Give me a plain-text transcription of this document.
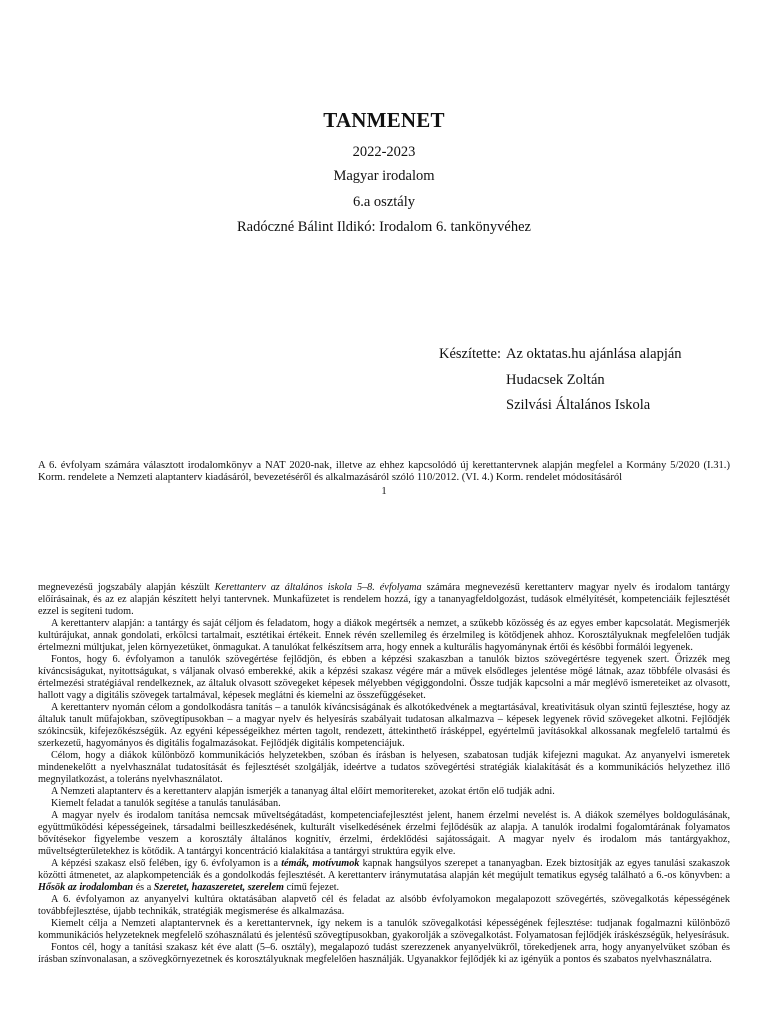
TANMENET
2022-2023
Magyar irodalom
6.a osztály
Radóczné Bálint Ildikó: Irodalom 6. tankönyvéhez
Készítette: Az oktatas.hu ajánlása alapján
Hudacsek Zoltán
Szilvási Általános Iskola
A 6. évfolyam számára választott irodalomkönyv a NAT 2020-nak, illetve az ehhez kapcsolódó új kerettantervnek alapján megfelel a Kormány 5/2020 (I.31.) Korm. rendelete a Nemzeti alaptanterv kiadásáról, bevezetéséről és alkalmazásáról szóló 110/2012. (VI. 4.) Korm. rendelet módosításáról
1

megnevezésű jogszabály alapján készült Kerettanterv az általános iskola 5–8. évfolyama számára megnevezésű kerettanterv magyar nyelv és irodalom tantárgy előírásainak, és az ez alapján készített helyi tantervnek. Munkafüzetet is rendelem hozzá, így a tananyagfeldolgozást, tudások elmélyítését, kompetenciáik fejlesztését ezzel is segíteni tudom.

A kerettanterv alapján: a tantárgy és saját céljom és feladatom, hogy a diákok megértsék a nemzet, a szűkebb közösség és az egyes ember kapcsolatát. Megismerjék kultúrájukat, annak gondolati, erkölcsi tartalmait, esztétikai értékeit. Ennek révén szellemileg és érzelmileg is kötődjenek ahhoz. Korosztályuknak megfelelően tudják értelmezni múltjukat, jelen környezetüket, önmagukat. A tanulókat felkészítsem arra, hogy ennek a kulturális hagyománynak értői és későbbi formálói legyenek.

Fontos, hogy 6. évfolyamon a tanulók szövegértése fejlődjön, és ebben a képzési szakaszban a tanulók biztos szövegértésre tegyenek szert. Őrizzék meg kíváncsiságukat, nyitottságukat, s váljanak olvasó emberekké, akik a képzési szakasz végére már a művek elsődleges jelentése mögé látnak, azaz többféle olvasási és értelmezési stratégiával rendelkeznek, az általuk olvasott szövegeket képesek mélyebben végiggondolni. Össze tudják kapcsolni a már meglévő ismereteiket az olvasott, hallott vagy a digitális szövegek tartalmával, képesek meglátni és kiemelni az összefüggéseket.

A kerettanterv nyomán célom a gondolkodásra tanítás – a tanulók kíváncsiságának és alkotókedvének a megtartásával, kreativitásuk olyan szintű fejlesztése, hogy az általuk tanult műfajokban, szövegtípusokban – a magyar nyelv és helyesírás szabályait tudatosan alkalmazva – képesek legyenek rövid szövegeket alkotni. Fejlődjék szókincsük, kifejezőkészségük. Az egyéni képességeikhez mérten tagolt, rendezett, áttekinthető írásképpel, egyértelmű javításokkal alkossanak megfelelő tartalmú és szerkezetű, hagyományos és digitális fogalmazásokat. Fejlődjék digitális kompetenciájuk.

Célom, hogy a diákok különböző kommunikációs helyzetekben, szóban és írásban is helyesen, szabatosan tudják kifejezni magukat. Az anyanyelvi ismeretek mindenekelőtt a nyelvhasználat tudatosítását és fejlesztését szolgálják, ideértve a tudatos szövegértési stratégiák kialakítását és a kommunikációs helyzethez illő megnyilatkozást, a toleráns nyelvhasználatot.

A Nemzeti alaptanterv és a kerettanterv alapján ismerjék a tananyag által előírt memoritereket, azokat értőn elő tudják adni.

Kiemelt feladat a tanulók segítése a tanulás tanulásában.

A magyar nyelv és irodalom tanítása nemcsak műveltségátadást, kompetenciafejlesztést jelent, hanem érzelmi nevelést is. A diákok személyes boldogulásának, együttműködési képességeinek, társadalmi beilleszkedésének, kulturált viselkedésének érzelmi fejlődésük az alapja. A tanulók irodalmi fogalomtárának folyamatos bővítésekor figyelembe veszem a korosztály általános kognitív, érzelmi, érdeklődési sajátosságait. A magyar nyelv és irodalom más tantárgyakhoz, műveltségterületekhez is kötődik. A tantárgyi koncentráció kialakítása a tantárgyi struktúra egyik elve.

A képzési szakasz első felében, így 6. évfolyamon is a témák, motívumok kapnak hangsúlyos szerepet a tananyagban. Ezek biztosítják az egyes tanulási szakaszok közötti átmenetet, az alapkompetenciák és a gondolkodás fejlesztését. A kerettanterv iránymutatása alapján két megújult tematikus egység található a 6.-os könyvben: a Hősök az irodalomban és a Szeretet, hazaszeretet, szerelem című fejezet.

A 6. évfolyamon az anyanyelvi kultúra oktatásában alapvető cél és feladat az alsóbb évfolyamokon megalapozott szövegértés, szövegalkotás képességének továbbfejlesztése, újabb technikák, stratégiák megismerése és alkalmazása.

Kiemelt célja a Nemzeti alaptantervnek és a kerettantervnek, így nekem is a tanulók szövegalkotási képességének fejlesztése: tudjanak fogalmazni különböző kommunikációs helyzeteknek megfelelő szóhasználatú és jelentésű szövegtípusokban, gyakorolják a szövegalkotást. Folyamatosan fejlődjék íráskészségük, helyesírásuk.

Fontos cél, hogy a tanítási szakasz két éve alatt (5–6. osztály), megalapozó tudást szerezzenek anyanyelvükről, törekedjenek arra, hogy anyanyelvüket szóban és írásban színvonalasan, a szövegkörnyezetnek és korosztályuknak megfelelően használják. Ugyanakkor fejlődjék ki az igényük a pontos és szabatos nyelvhasználatra.
